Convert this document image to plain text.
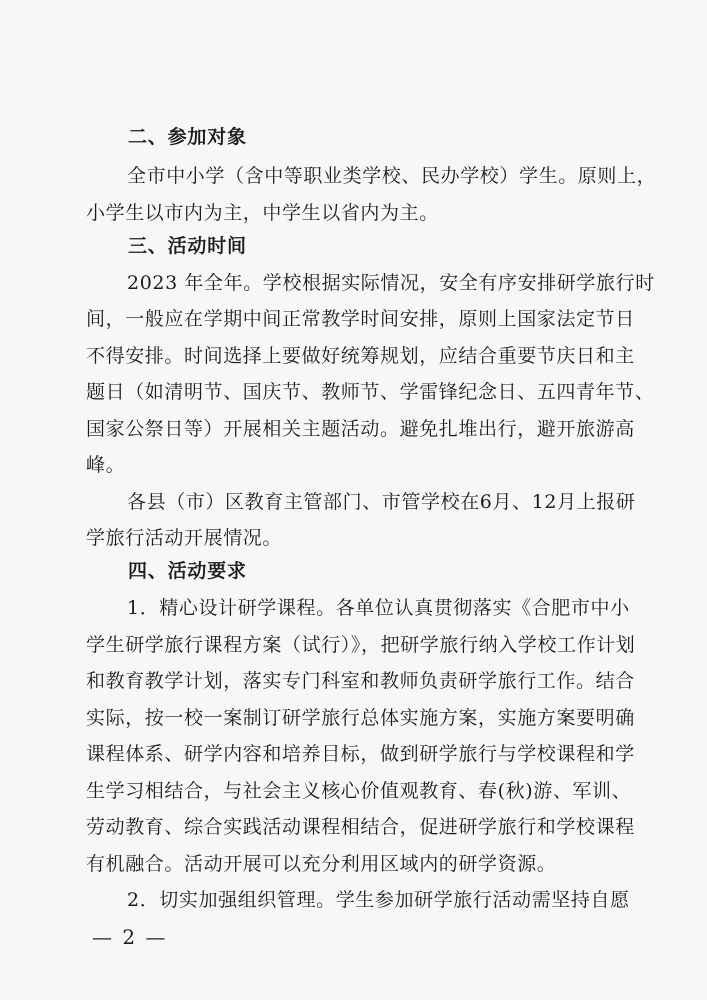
二、参加对象
全市中小学（含中等职业类学校、民办学校）学生。原则上，
小学生以市内为主，中学生以省内为主。
三、活动时间
2023 年全年。学校根据实际情况，安全有序安排研学旅行时
间，一般应在学期中间正常教学时间安排，原则上国家法定节日
不得安排。时间选择上要做好统筹规划，应结合重要节庆日和主
题日（如清明节、国庆节、教师节、学雷锋纪念日、五四青年节、
国家公祭日等）开展相关主题活动。避免扎堆出行，避开旅游高
峰。
各县（市）区教育主管部门、市管学校在6月、12月上报研
学旅行活动开展情况。
四、活动要求
1．精心设计研学课程。各单位认真贯彻落实《合肥市中小
学生研学旅行课程方案（试行）》，把研学旅行纳入学校工作计划
和教育教学计划，落实专门科室和教师负责研学旅行工作。结合
实际，按一校一案制订研学旅行总体实施方案，实施方案要明确
课程体系、研学内容和培养目标，做到研学旅行与学校课程和学
生学习相结合，与社会主义核心价值观教育、春(秋)游、军训、
劳动教育、综合实践活动课程相结合，促进研学旅行和学校课程
有机融合。活动开展可以充分利用区域内的研学资源。
2．切实加强组织管理。学生参加研学旅行活动需坚持自愿
— 2 —
